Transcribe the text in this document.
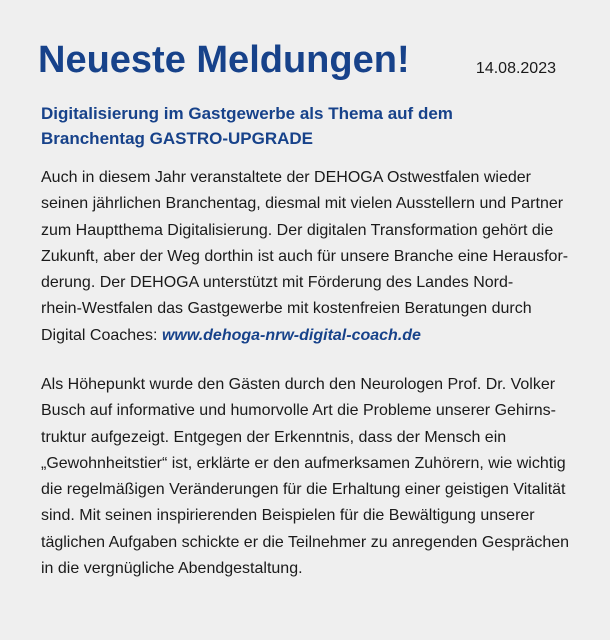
Neueste Meldungen!	14.08.2023
Digitalisierung im Gastgewerbe als Thema auf dem
Branchentag GASTRO-UPGRADE

Auch in diesem Jahr veranstaltete der DEHOGA Ostwestfalen wieder
seinen jährlichen Branchentag, diesmal mit vielen Ausstellern und Partner
zum Hauptthema Digitalisierung. Der digitalen Transformation gehört die
Zukunft, aber der Weg dorthin ist auch für unsere Branche eine Herausfor-
derung. Der DEHOGA unterstützt mit Förderung des Landes Nord-
rhein-Westfalen das Gastgewerbe mit kostenfreien Beratungen durch
Digital Coaches: www.dehoga-nrw-digital-coach.de

Als Höhepunkt wurde den Gästen durch den Neurologen Prof. Dr. Volker
Busch auf informative und humorvolle Art die Probleme unserer Gehirns-
truktur aufgezeigt. Entgegen der Erkenntnis, dass der Mensch ein
„Gewohnheitstier“ ist, erklärte er den aufmerksamen Zuhörern, wie wichtig
die regelmäßigen Veränderungen für die Erhaltung einer geistigen Vitalität
sind. Mit seinen inspirierenden Beispielen für die Bewältigung unserer
täglichen Aufgaben schickte er die Teilnehmer zu anregenden Gesprächen
in die vergnügliche Abendgestaltung.
